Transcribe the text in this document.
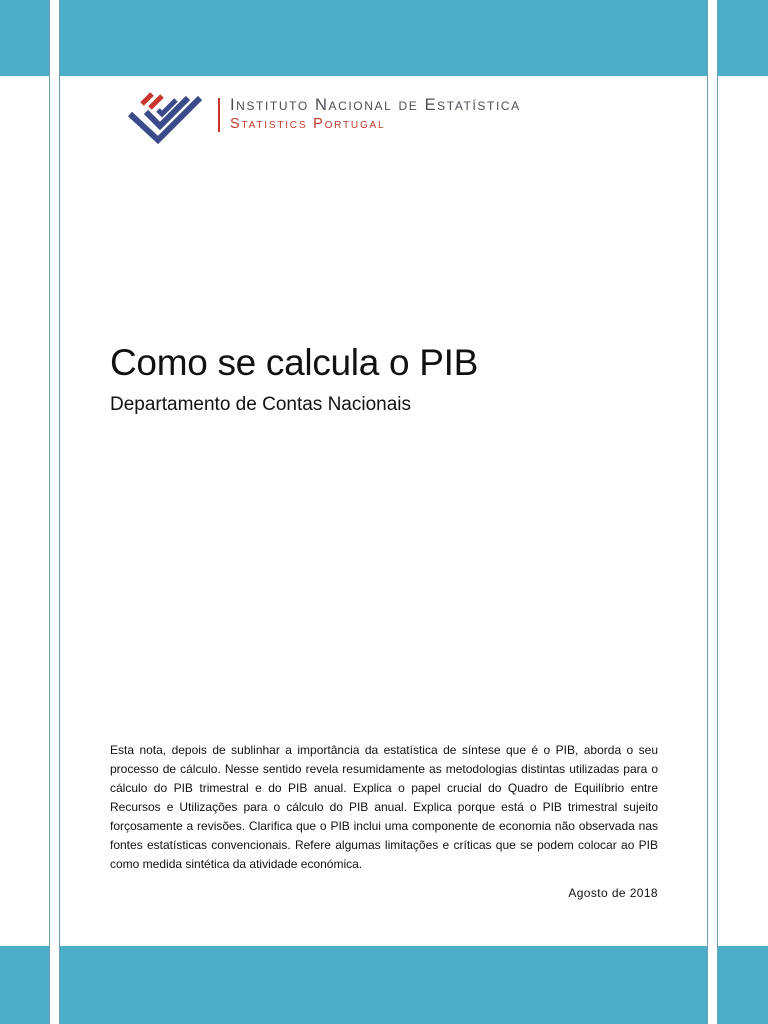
Instituto Nacional de Estatística

Statistics Portugal

Como se calcula o PIB

Departamento de Contas Nacionais

Esta nota, depois de sublinhar a importância da estatística de síntese que é o PIB, aborda o seu processo de cálculo. Nesse sentido revela resumidamente as metodologias distintas utilizadas para o cálculo do PIB trimestral e do PIB anual. Explica o papel crucial do Quadro de Equilíbrio entre Recursos e Utilizações para o cálculo do PIB anual. Explica porque está o PIB trimestral sujeito forçosamente a revisões. Clarifica que o PIB inclui uma componente de economia não observada nas fontes estatísticas convencionais. Refere algumas limitações e críticas que se podem colocar ao PIB como medida sintética da atividade económica.

Agosto de 2018
